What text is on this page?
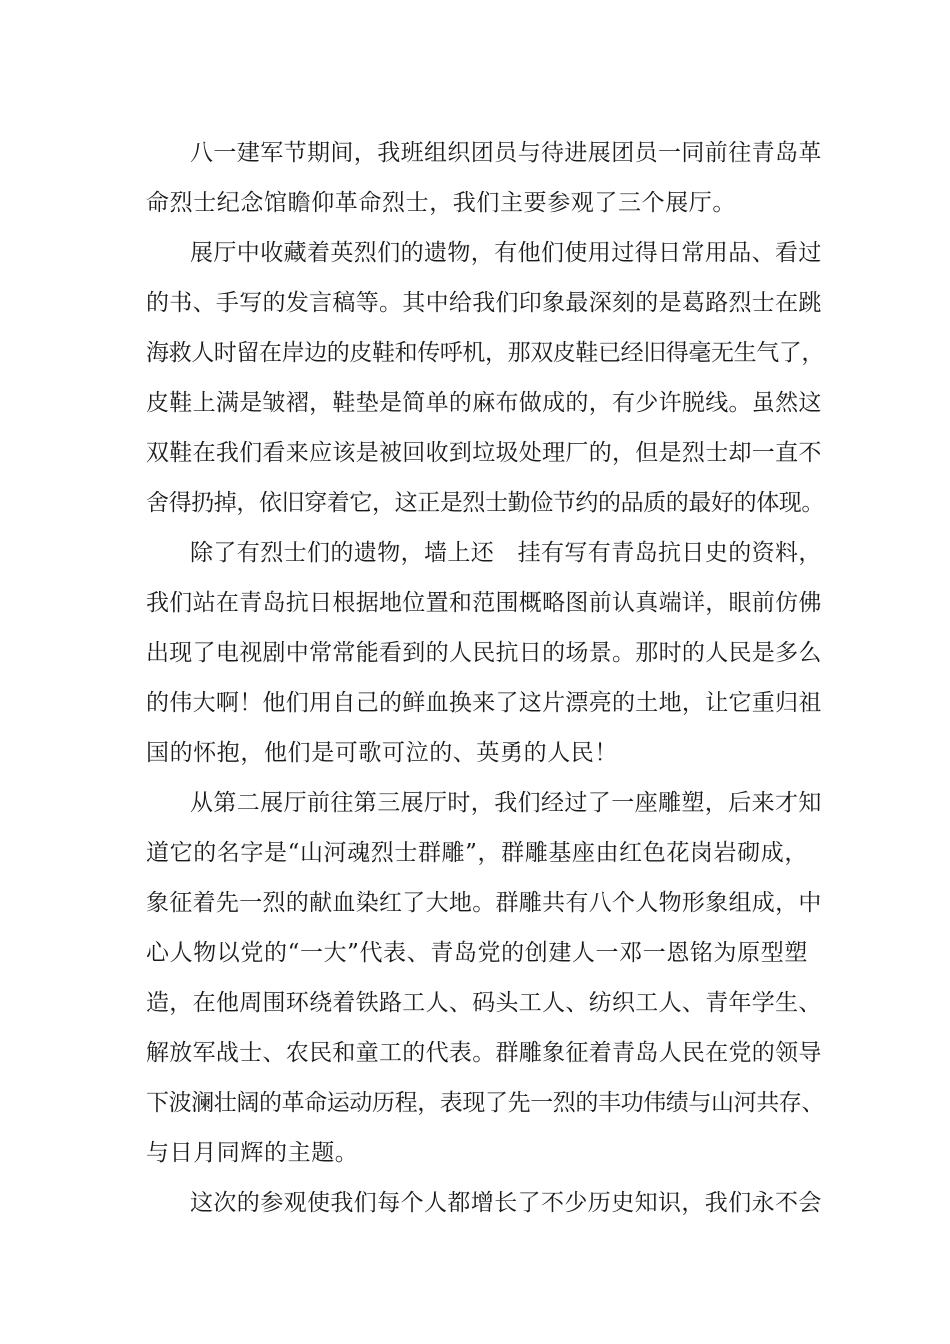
八一建军节期间，我班组织团员与待进展团员一同前往青岛革
命烈士纪念馆瞻仰革命烈士，我们主要参观了三个展厅。
展厅中收藏着英烈们的遗物，有他们使用过得日常用品、看过
的书、手写的发言稿等。其中给我们印象最深刻的是葛路烈士在跳
海救人时留在岸边的皮鞋和传呼机，那双皮鞋已经旧得毫无生气了，
皮鞋上满是皱褶，鞋垫是简单的麻布做成的，有少许脱线。虽然这
双鞋在我们看来应该是被回收到垃圾处理厂的，但是烈士却一直不
舍得扔掉，依旧穿着它，这正是烈士勤俭节约的品质的最好的体现。
除了有烈士们的遗物，墙上还　挂有写有青岛抗日史的资料，
我们站在青岛抗日根据地位置和范围概略图前认真端详，眼前仿佛
出现了电视剧中常常能看到的人民抗日的场景。那时的人民是多么
的伟大啊！他们用自己的鲜血换来了这片漂亮的土地，让它重归祖
国的怀抱，他们是可歌可泣的、英勇的人民！
从第二展厅前往第三展厅时，我们经过了一座雕塑，后来才知
道它的名字是“山河魂烈士群雕”，群雕基座由红色花岗岩砌成，
象征着先一烈的献血染红了大地。群雕共有八个人物形象组成，中
心人物以党的“一大”代表、青岛党的创建人一邓一恩铭为原型塑
造，在他周围环绕着铁路工人、码头工人、纺织工人、青年学生、
解放军战士、农民和童工的代表。群雕象征着青岛人民在党的领导
下波澜壮阔的革命运动历程，表现了先一烈的丰功伟绩与山河共存、
与日月同辉的主题。
这次的参观使我们每个人都增长了不少历史知识，我们永不会
